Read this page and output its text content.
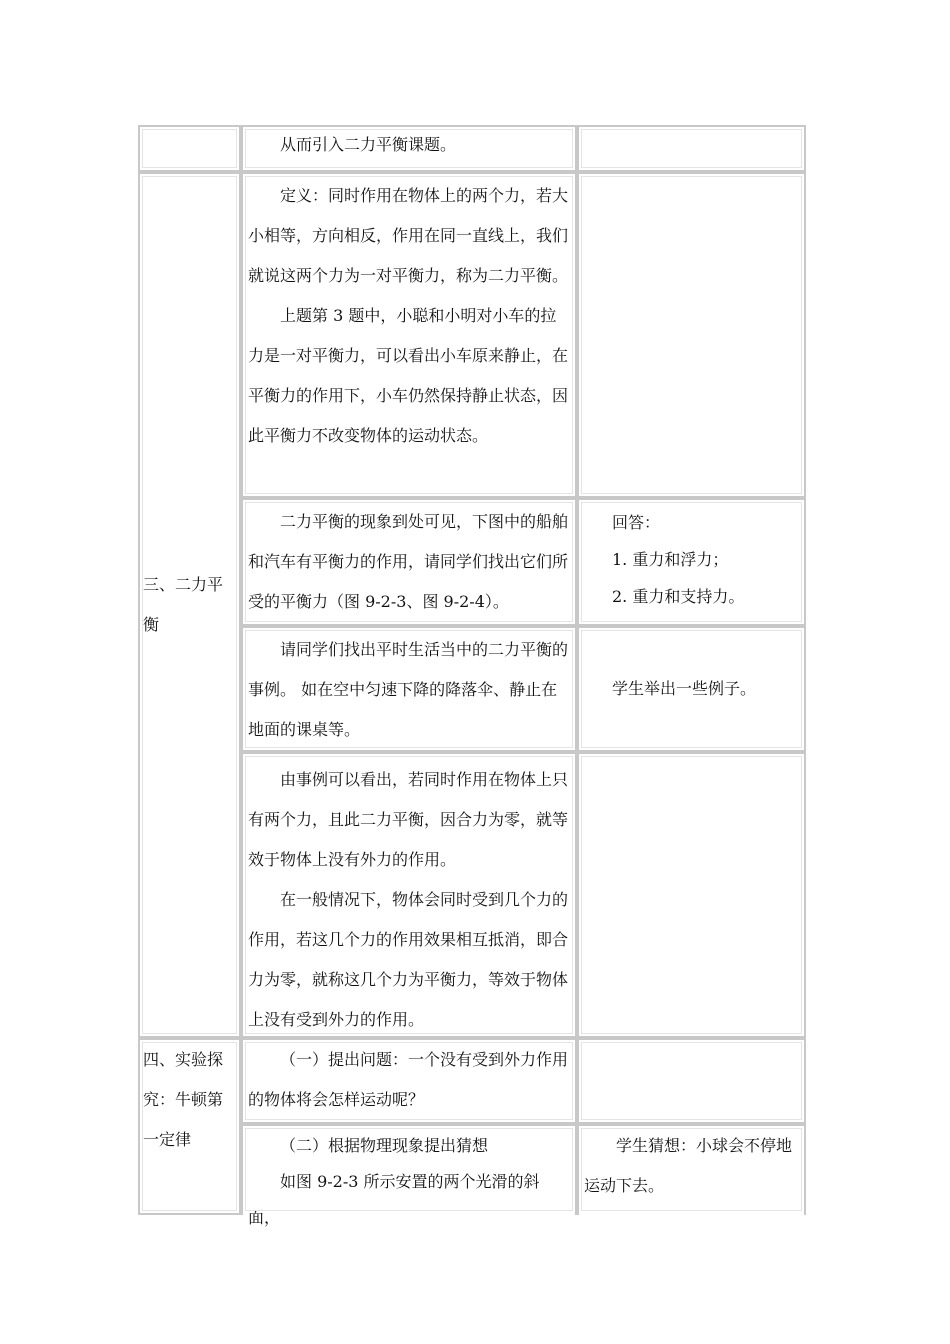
从而引入二力平衡课题。

三、二力平衡

定义：同时作用在物体上的两个力，若大小相等，方向相反，作用在同一直线上，我们就说这两个力为一对平衡力，称为二力平衡。

上题第 3 题中，小聪和小明对小车的拉力是一对平衡力，可以看出小车原来静止，在平衡力的作用下，小车仍然保持静止状态，因此平衡力不改变物体的运动状态。

二力平衡的现象到处可见，下图中的船舶和汽车有平衡力的作用，请同学们找出它们所受的平衡力（图 9-2-3、图 9-2-4）。

回答：

1. 重力和浮力；

2. 重力和支持力。

请同学们找出平时生活当中的二力平衡的事例。 如在空中匀速下降的降落伞、静止在地面的课桌等。

学生举出一些例子。

由事例可以看出，若同时作用在物体上只有两个力，且此二力平衡，因合力为零，就等效于物体上没有外力的作用。

在一般情况下，物体会同时受到几个力的作用，若这几个力的作用效果相互抵消，即合力为零，就称这几个力为平衡力，等效于物体上没有受到外力的作用。

四、实验探究：牛顿第一定律

（一）提出问题：一个没有受到外力作用的物体将会怎样运动呢？

（二）根据物理现象提出猜想

如图 9-2-3 所示安置的两个光滑的斜面，

学生猜想：小球会不停地运动下去。
